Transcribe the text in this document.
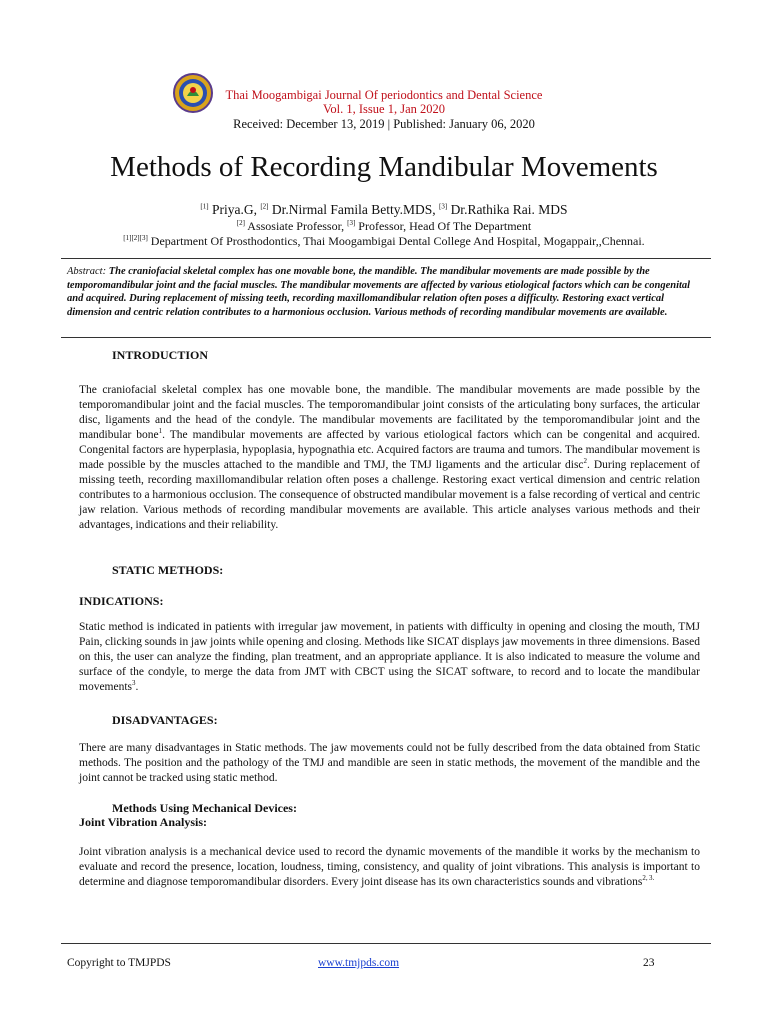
Thai Moogambigai Journal Of periodontics and Dental Science
Vol. 1, Issue 1, Jan 2020
Received: December 13, 2019 | Published: January 06, 2020
Methods of Recording Mandibular Movements
[1] Priya.G, [2] Dr.Nirmal Famila Betty.MDS, [3] Dr.Rathika Rai. MDS
[2] Assosiate Professor, [3] Professor, Head Of The Department
[1][2][3] Department Of Prosthodontics, Thai Moogambigai Dental College And Hospital, Mogappair,,Chennai.
Abstract: The craniofacial skeletal complex has one movable bone, the mandible. The mandibular movements are made possible by the temporomandibular joint and the facial muscles. The mandibular movements are affected by various etiological factors which can be congenital and acquired. During replacement of missing teeth, recording maxillomandibular relation often poses a difficulty. Restoring exact vertical dimension and centric relation contributes to a harmonious occlusion. Various methods of recording mandibular movements are available.
INTRODUCTION

The craniofacial skeletal complex has one movable bone, the mandible. The mandibular movements are made possible by the temporomandibular joint and the facial muscles. The temporomandibular joint consists of the articulating bony surfaces, the articular disc, ligaments and the head of the condyle. The mandibular movements are facilitated by the temporomandibular joint and the mandibular bone$^1$. The mandibular movements are affected by various etiological factors which can be congenital and acquired. Congenital factors are hyperplasia, hypoplasia, hypognathia etc. Acquired factors are trauma and tumors. The mandibular movement is made possible by the muscles attached to the mandible and TMJ, the TMJ ligaments and the articular disc$^2$. During replacement of missing teeth, recording maxillomandibular relation often poses a challenge. Restoring exact vertical dimension and centric relation contributes to a harmonious occlusion. The consequence of obstructed mandibular movement is a false recording of vertical and centric jaw relation. Various methods of recording mandibular movements are available. This article analyses various methods and their advantages, indications and their reliability.

STATIC METHODS:
INDICATIONS:

Static method is indicated in patients with irregular jaw movement, in patients with difficulty in opening and closing the mouth, TMJ Pain, clicking sounds in jaw joints while opening and closing. Methods like SICAT displays jaw movements in three dimensions. Based on this, the user can analyze the finding, plan treatment, and an appropriate appliance. It is also indicated to measure the volume and surface of the condyle, to merge the data from JMT with CBCT using the SICAT software, to record and to locate the mandibular movements$^3$.

DISADVANTAGES:

There are many disadvantages in Static methods. The jaw movements could not be fully described from the data obtained from Static methods. The position and the pathology of the TMJ and mandible are seen in static methods, the movement of the mandible and the joint cannot be tracked using static method.

Methods Using Mechanical Devices:
Joint Vibration Analysis:

Joint vibration analysis is a mechanical device used to record the dynamic movements of the mandible it works by the mechanism to evaluate and record the presence, location, loudness, timing, consistency, and quality of joint vibrations. This analysis is important to determine and diagnose temporomandibular disorders. Every joint disease has its own characteristics sounds and vibrations$^{2, 3.}$

Copyright to TMJPDS	www.tmjpds.com	23
